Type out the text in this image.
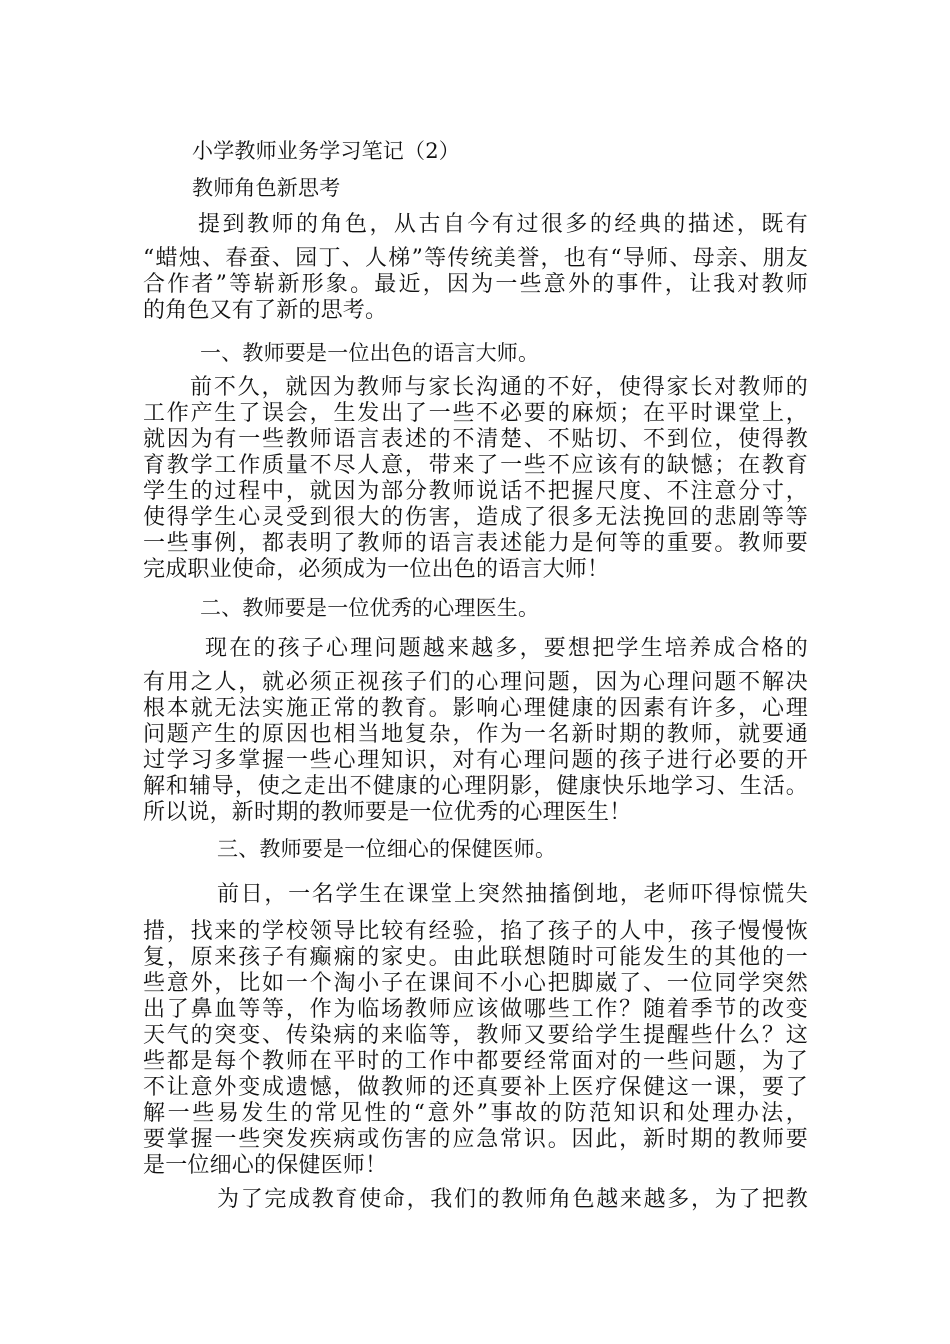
小学教师业务学习笔记（2）
教师角色新思考
提到教师的角色，从古自今有过很多的经典的描述，既有
“蜡烛、春蚕、园丁、人梯”等传统美誉，也有“导师、母亲、朋友
合作者”等崭新形象。最近，因为一些意外的事件，让我对教师
的角色又有了新的思考。
一、教师要是一位出色的语言大师。
前不久，就因为教师与家长沟通的不好，使得家长对教师的
工作产生了误会，生发出了一些不必要的麻烦；在平时课堂上，
就因为有一些教师语言表述的不清楚、不贴切、不到位，使得教
育教学工作质量不尽人意，带来了一些不应该有的缺憾；在教育
学生的过程中，就因为部分教师说话不把握尺度、不注意分寸，
使得学生心灵受到很大的伤害，造成了很多无法挽回的悲剧等等
一些事例，都表明了教师的语言表述能力是何等的重要。教师要
完成职业使命，必须成为一位出色的语言大师！
二、教师要是一位优秀的心理医生。
现在的孩子心理问题越来越多，要想把学生培养成合格的
有用之人，就必须正视孩子们的心理问题，因为心理问题不解决
根本就无法实施正常的教育。影响心理健康的因素有许多，心理
问题产生的原因也相当地复杂，作为一名新时期的教师，就要通
过学习多掌握一些心理知识，对有心理问题的孩子进行必要的开
解和辅导，使之走出不健康的心理阴影，健康快乐地学习、生活。
所以说，新时期的教师要是一位优秀的心理医生！
三、教师要是一位细心的保健医师。
前日，一名学生在课堂上突然抽搐倒地，老师吓得惊慌失
措，找来的学校领导比较有经验，掐了孩子的人中，孩子慢慢恢
复，原来孩子有癫痫的家史。由此联想随时可能发生的其他的一
些意外，比如一个淘小子在课间不小心把脚崴了、一位同学突然
出了鼻血等等，作为临场教师应该做哪些工作？随着季节的改变
天气的突变、传染病的来临等，教师又要给学生提醒些什么？这
些都是每个教师在平时的工作中都要经常面对的一些问题，为了
不让意外变成遗憾，做教师的还真要补上医疗保健这一课，要了
解一些易发生的常见性的“意外”事故的防范知识和处理办法，
要掌握一些突发疾病或伤害的应急常识。因此，新时期的教师要
是一位细心的保健医师！
为了完成教育使命，我们的教师角色越来越多，为了把教
